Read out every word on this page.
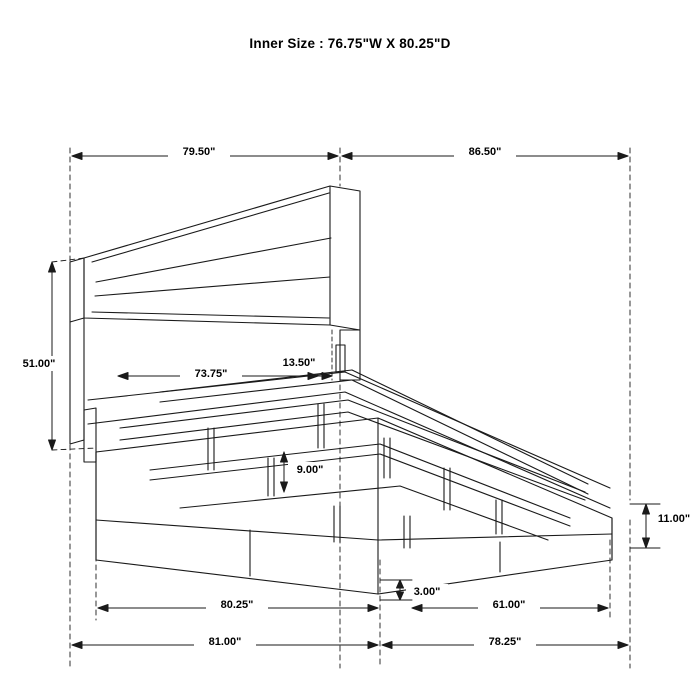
Inner Size : 76.75"W X 80.25"D
79.50"	86.50"
51.00"
73.75"
13.50"
9.00"
11.00"
3.00"
80.25"	61.00"
81.00"	78.25"
